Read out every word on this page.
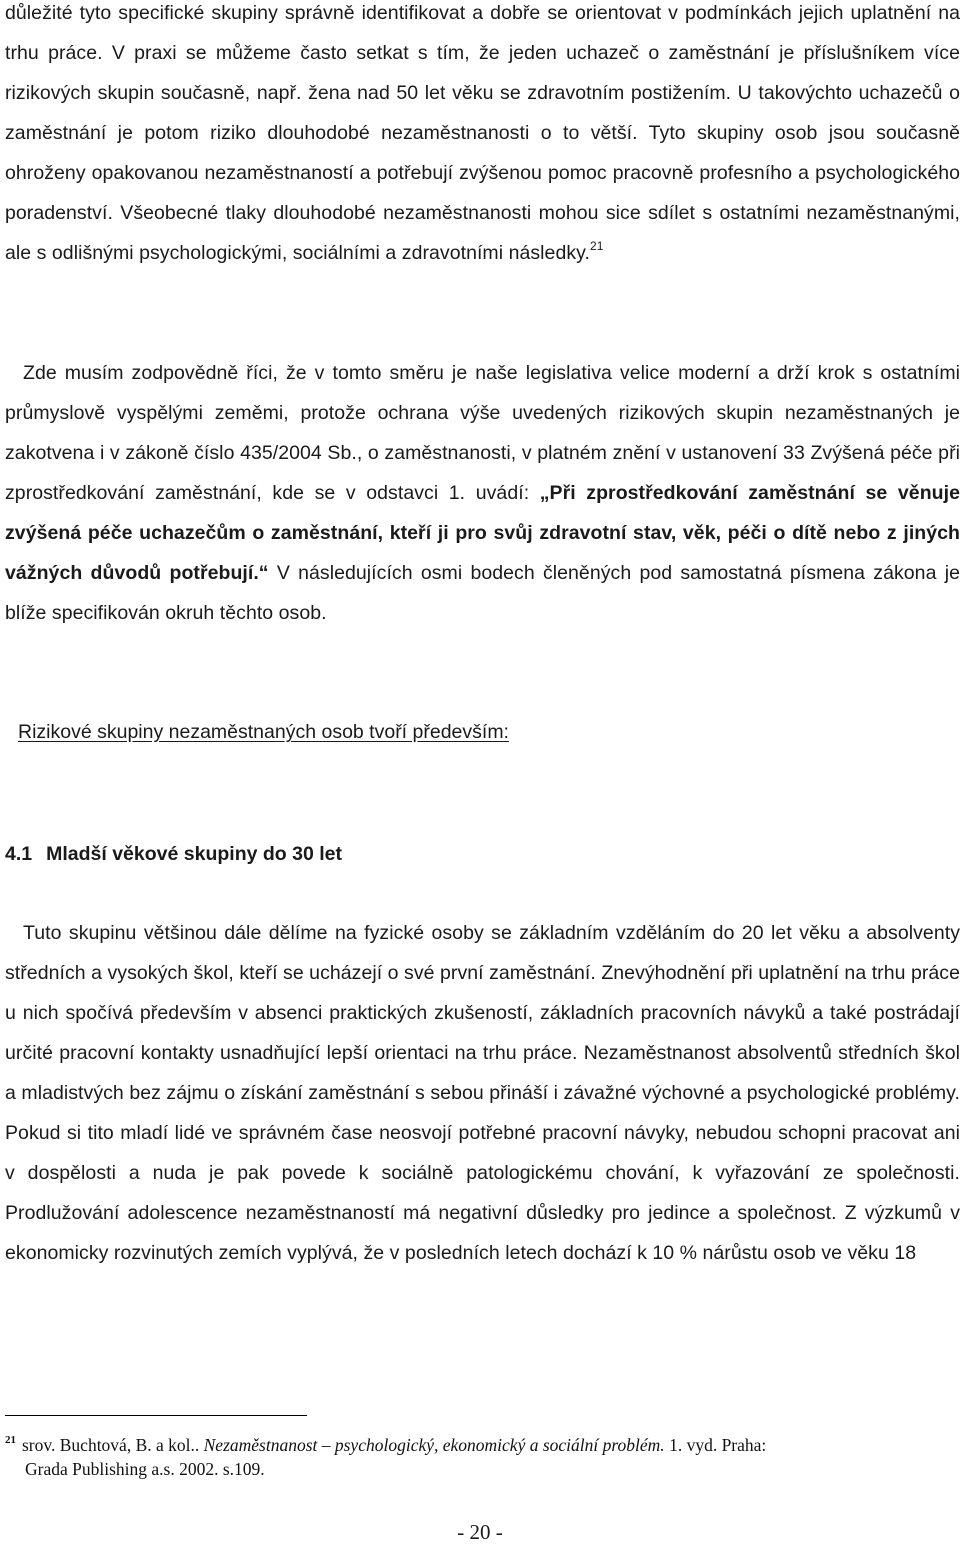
důležité tyto specifické skupiny správně identifikovat a dobře se orientovat v podmínkách jejich uplatnění na trhu práce. V praxi se můžeme často setkat s tím, že jeden uchazeč o zaměstnání je příslušníkem více rizikových skupin současně, např. žena nad 50 let věku se zdravotním postižením. U takovýchto uchazečů o zaměstnání je potom riziko dlouhodobé nezaměstnanosti o to větší. Tyto skupiny osob jsou současně ohroženy opakovanou nezaměstnaností a potřebují zvýšenou pomoc pracovně profesního a psychologického poradenství. Všeobecné tlaky dlouhodobé nezaměstnanosti mohou sice sdílet s ostatními nezaměstnanými, ale s odlišnými psychologickými, sociálními a zdravotními následky.$^{21}$

Zde musím zodpovědně říci, že v tomto směru je naše legislativa velice moderní a drží krok s ostatními průmyslově vyspělými zeměmi, protože ochrana výše uvedených rizikových skupin nezaměstnaných je zakotvena i v zákoně číslo 435/2004 Sb., o zaměstnanosti, v platném znění v ustanovení 33 Zvýšená péče při zprostředkování zaměstnání, kde se v odstavci 1. uvádí: „Při zprostředkování zaměstnání se věnuje zvýšená péče uchazečům o zaměstnání, kteří ji pro svůj zdravotní stav, věk, péči o dítě nebo z jiných vážných důvodů potřebují.“ V následujících osmi bodech členěných pod samostatná písmena zákona je blíže specifikován okruh těchto osob.

Rizikové skupiny nezaměstnaných osob tvoří především:

4.1 Mladší věkové skupiny do 30 let

Tuto skupinu většinou dále dělíme na fyzické osoby se základním vzděláním do 20 let věku a absolventy středních a vysokých škol, kteří se ucházejí o své první zaměstnání. Znevýhodnění při uplatnění na trhu práce u nich spočívá především v absenci praktických zkušeností, základních pracovních návyků a také postrádají určité pracovní kontakty usnadňující lepší orientaci na trhu práce. Nezaměstnanost absolventů středních škol a mladistvých bez zájmu o získání zaměstnání s sebou přináší i závažné výchovné a psychologické problémy. Pokud si tito mladí lidé ve správném čase neosvojí potřebné pracovní návyky, nebudou schopni pracovat ani v dospělosti a nuda je pak povede k sociálně patologickému chování, k vyřazování ze společnosti. Prodlužování adolescence nezaměstnaností má negativní důsledky pro jedince a společnost. Z výzkumů v ekonomicky rozvinutých zemích vyplývá, že v posledních letech dochází k 10 % nárůstu osob ve věku 18

$^{21}$ srov. Buchtová, B. a kol.. Nezaměstnanost – psychologický, ekonomický a sociální problém. 1. vyd. Praha:
Grada Publishing a.s. 2002. s.109.
- 20 -
